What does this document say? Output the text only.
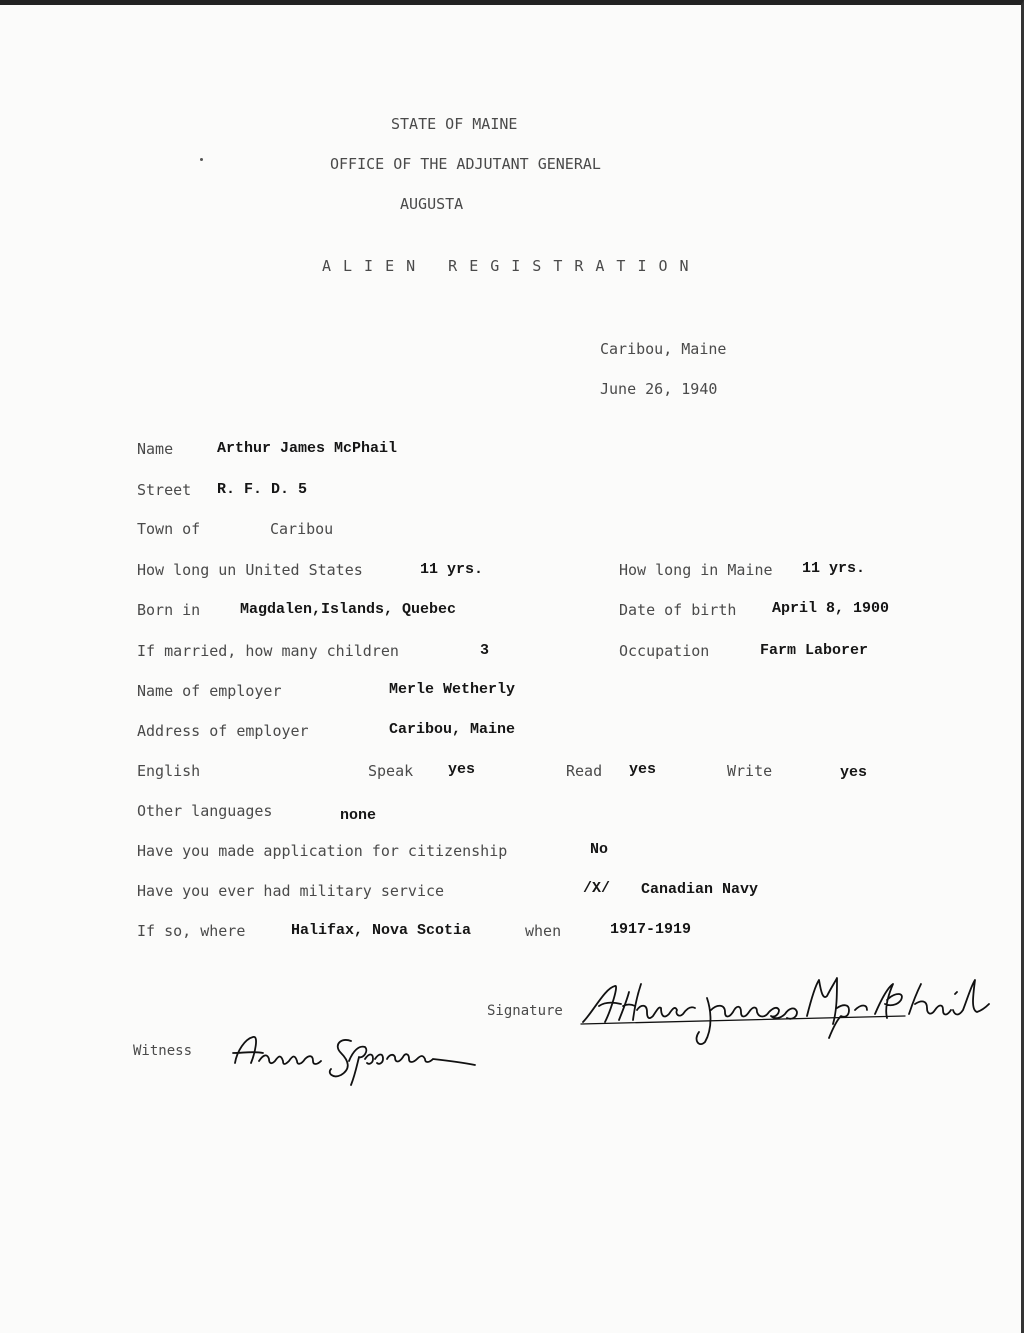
STATE OF MAINE
OFFICE OF THE ADJUTANT GENERAL
AUGUSTA
ALIEN REGISTRATION
Caribou, Maine
June 26, 1940
Name	Arthur James McPhail
Street R. F. D. 5
Town of	Caribou
How long un United States	11 yrs.	How long in Maine 11 yrs.
Born in	Magdalen,Islands, Quebec	Date of birth April 8, 1900
If married, how many children	3	Occupation	Farm Laborer
Name of employer	Merle Wetherly
Address of employer	Caribou, Maine
English	Speak yes	Read yes	Write	yes
Other languages	none
Have you made application for citizenship	No
Have you ever had military service	/X/ Canadian Navy
If so, where	Halifax, Nova Scotia	when	1917-1919
Signature
Witness
